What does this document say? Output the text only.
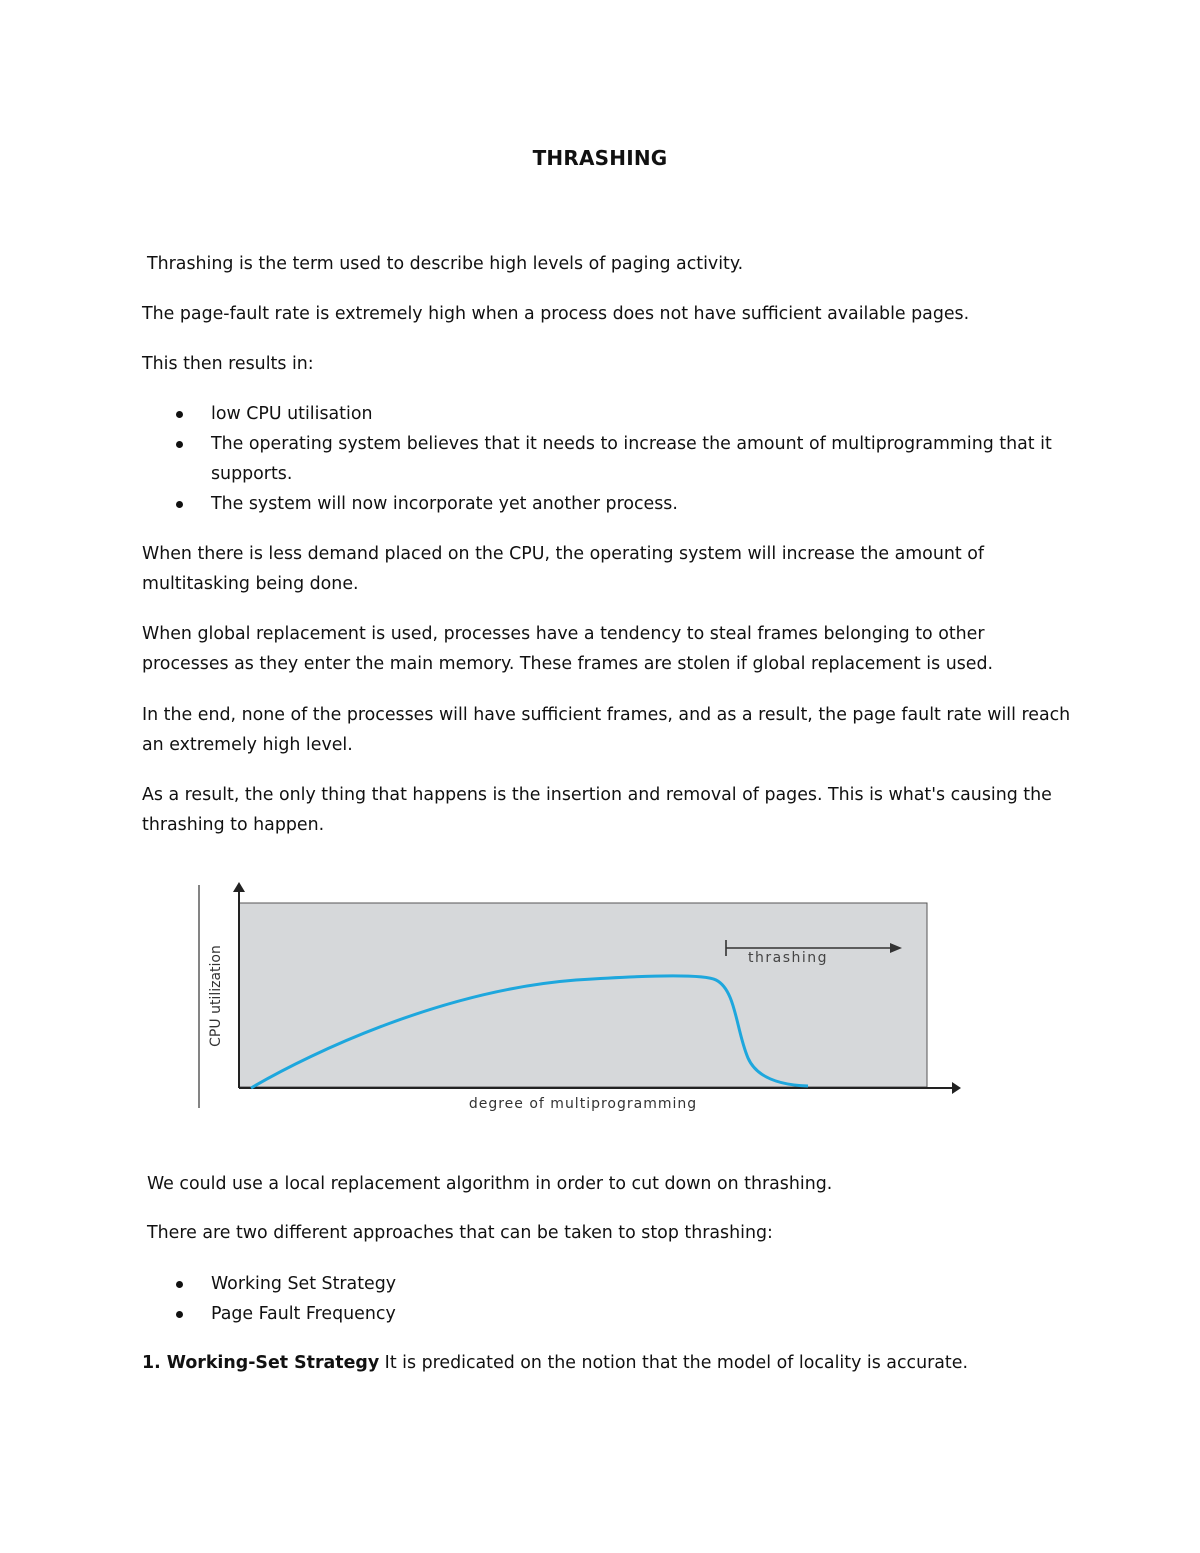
THRASHING

Thrashing is the term used to describe high levels of paging activity.

The page-fault rate is extremely high when a process does not have sufficient available pages.

This then results in:

low CPU utilisation
The operating system believes that it needs to increase the amount of multiprogramming that it supports.
The system will now incorporate yet another process.

When there is less demand placed on the CPU, the operating system will increase the amount of multitasking being done.

When global replacement is used, processes have a tendency to steal frames belonging to other processes as they enter the main memory. These frames are stolen if global replacement is used.

In the end, none of the processes will have sufficient frames, and as a result, the page fault rate will reach an extremely high level.

As a result, the only thing that happens is the insertion and removal of pages. This is what's causing the thrashing to happen.

thrashing
CPU utilization
degree of multiprogramming

We could use a local replacement algorithm in order to cut down on thrashing.

There are two different approaches that can be taken to stop thrashing:

Working Set Strategy
Page Fault Frequency

1. Working-Set Strategy It is predicated on the notion that the model of locality is accurate.
